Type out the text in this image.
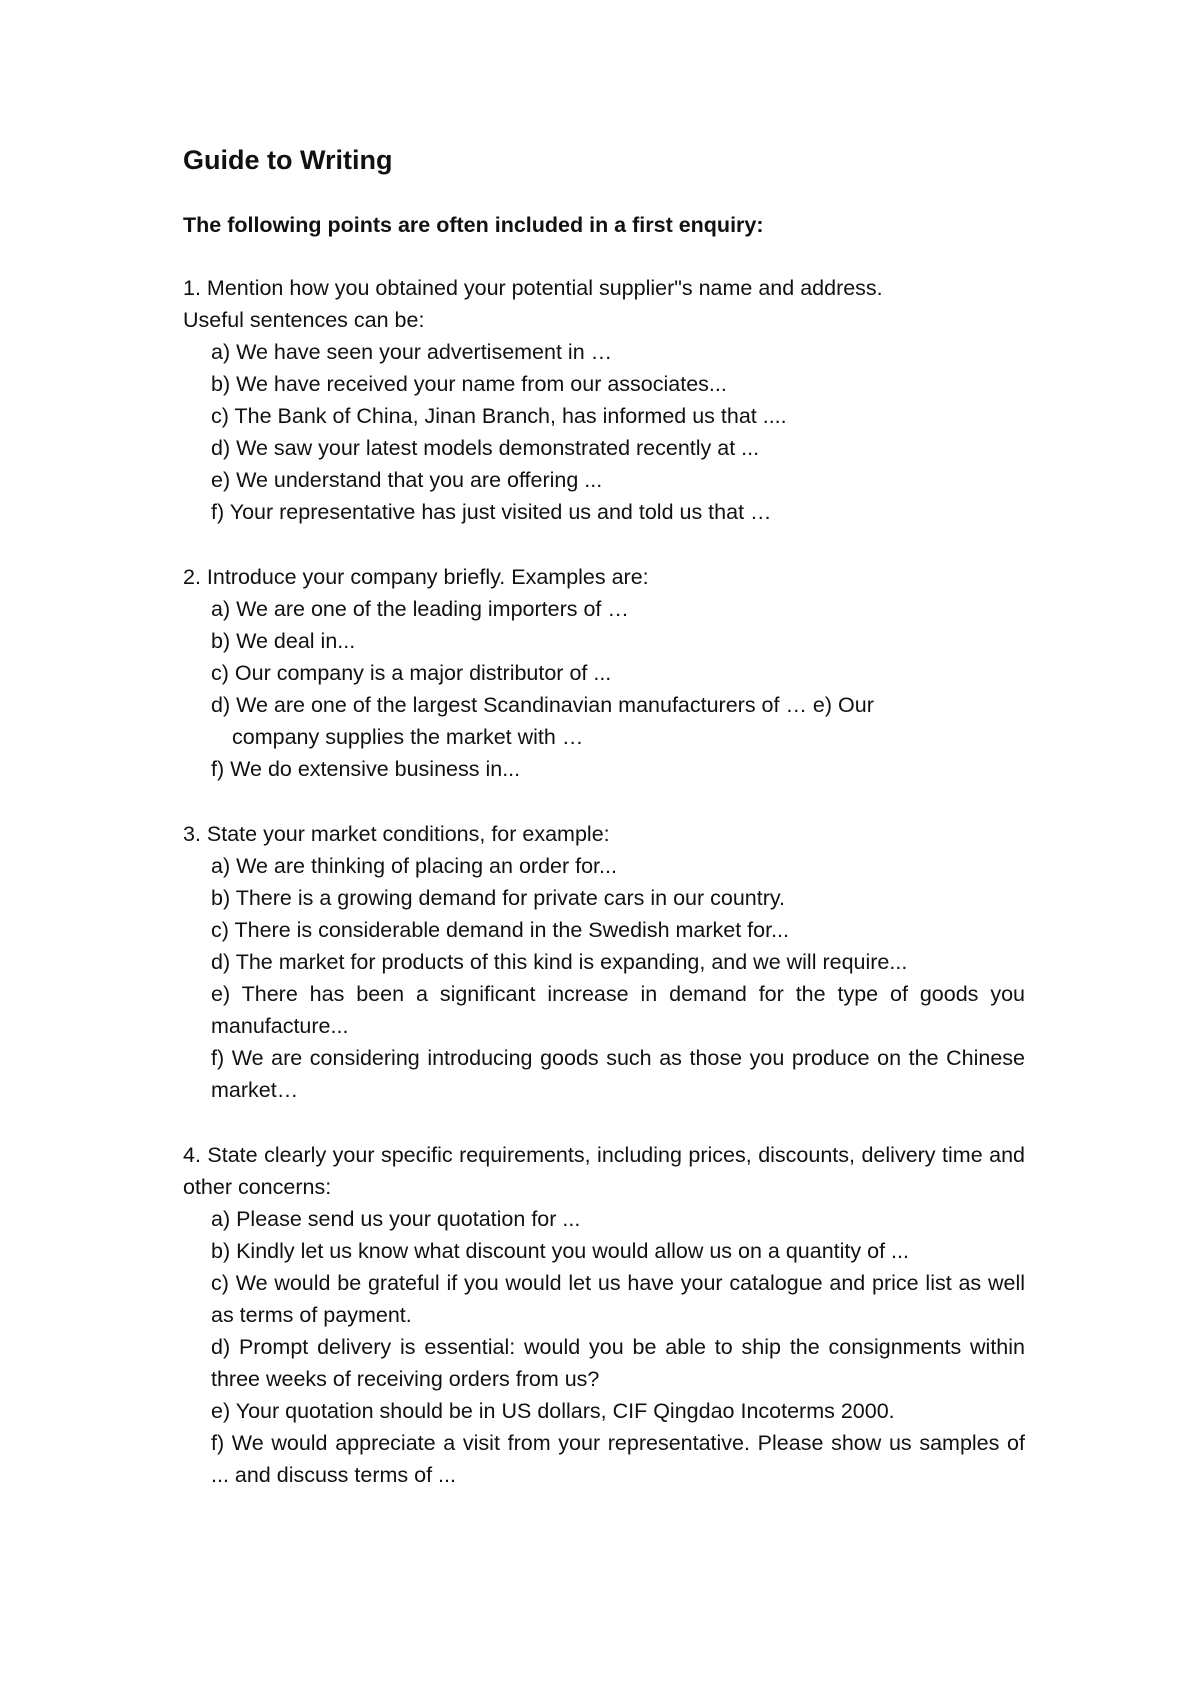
Guide to Writing
The following points are often included in a first enquiry:
1. Mention how you obtained your potential supplier"s name and address.
Useful sentences can be:
a) We have seen your advertisement in …
b) We have received your name from our associates...
c) The Bank of China, Jinan Branch, has informed us that ....
d) We saw your latest models demonstrated recently at ...
e) We understand that you are offering ...
f) Your representative has just visited us and told us that …
2. Introduce your company briefly. Examples are:
a) We are one of the leading importers of …
b) We deal in...
c) Our company is a major distributor of ...
d) We are one of the largest Scandinavian manufacturers of … e) Our company supplies the market with …
f) We do extensive business in...
3. State your market conditions, for example:
a) We are thinking of placing an order for...
b) There is a growing demand for private cars in our country.
c) There is considerable demand in the Swedish market for...
d) The market for products of this kind is expanding, and we will require...
e) There has been a significant increase in demand for the type of goods you manufacture...
f) We are considering introducing goods such as those you produce on the Chinese market…
4. State clearly your specific requirements, including prices, discounts, delivery time and other concerns:
a) Please send us your quotation for ...
b) Kindly let us know what discount you would allow us on a quantity of ...
c) We would be grateful if you would let us have your catalogue and price list as well as terms of payment.
d) Prompt delivery is essential: would you be able to ship the consignments within three weeks of receiving orders from us?
e) Your quotation should be in US dollars, CIF Qingdao Incoterms 2000.
f) We would appreciate a visit from your representative. Please show us samples of ... and discuss terms of ...
